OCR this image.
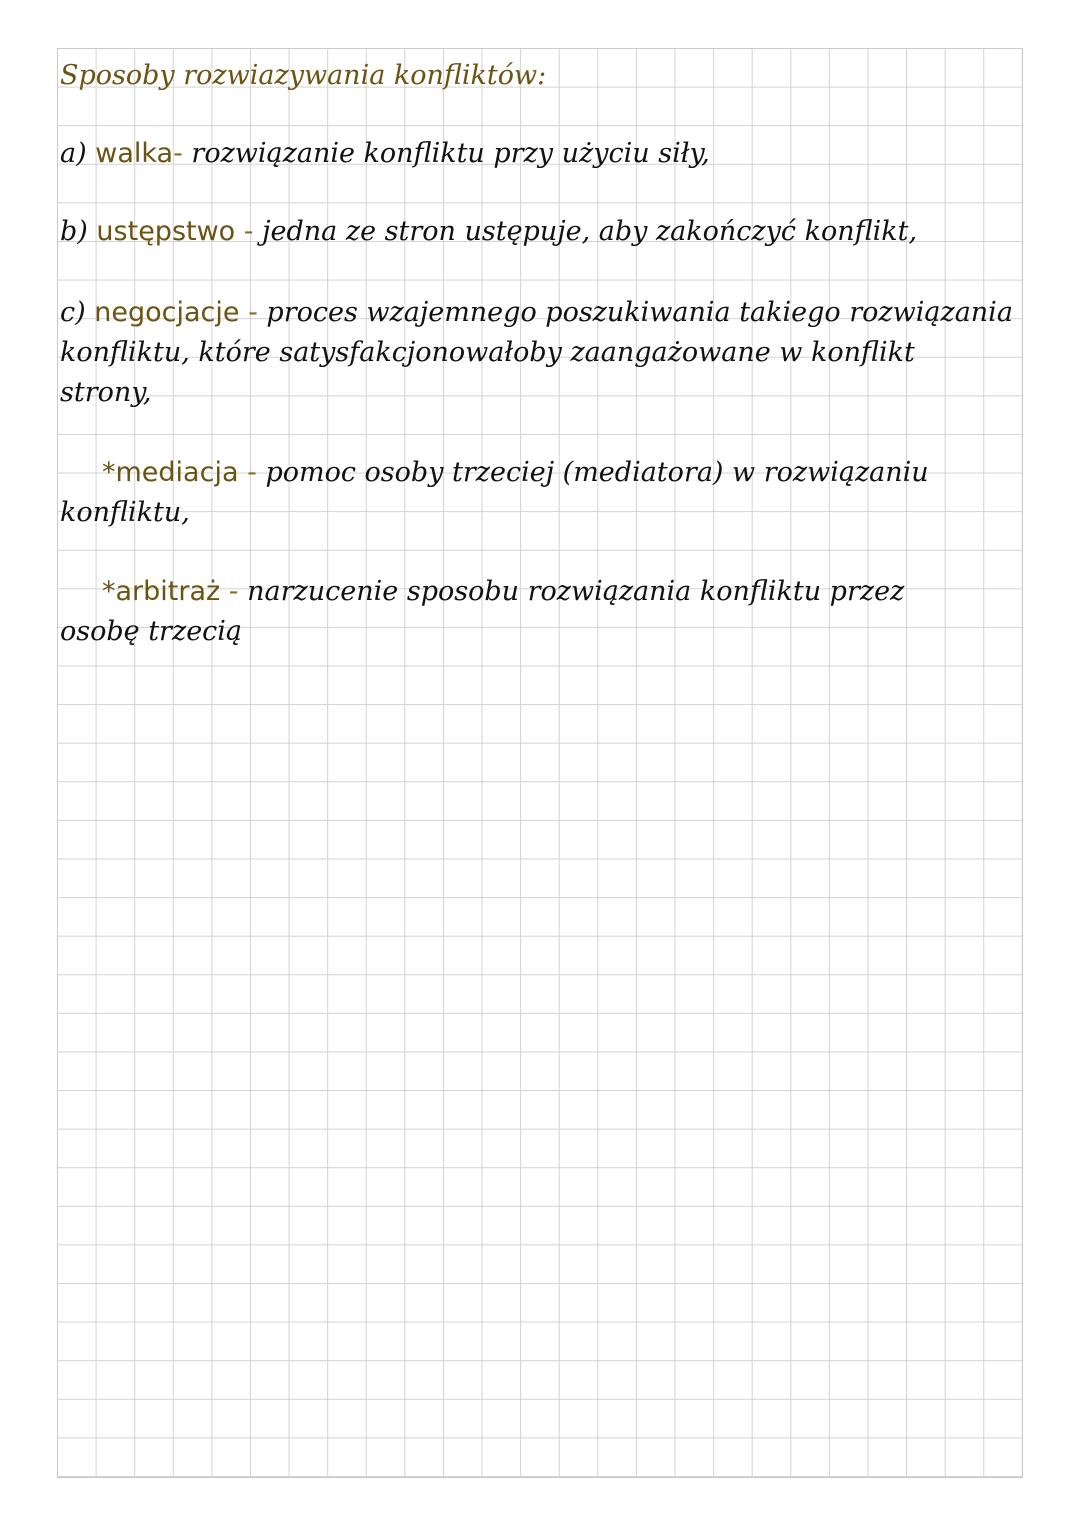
Sposoby rozwiazywania konfliktów:
a) walka- rozwiązanie konfliktu przy użyciu siły,
b) ustępstwo - jedna ze stron ustępuje, aby zakończyć konflikt,
c) negocjacje - proces wzajemnego poszukiwania takiego rozwiązania
konfliktu, które satysfakcjonowałoby zaangażowane w konflikt
strony,
*mediacja - pomoc osoby trzeciej (mediatora) w rozwiązaniu
konfliktu,
*arbitraż - narzucenie sposobu rozwiązania konfliktu przez
osobę trzecią
